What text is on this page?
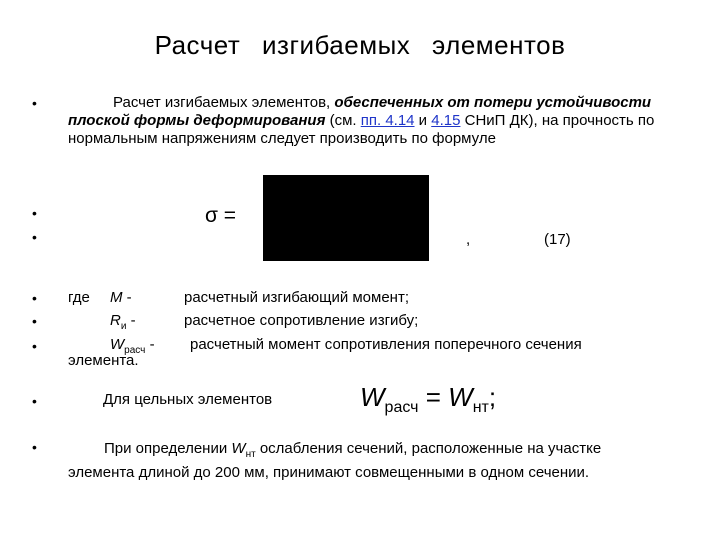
Расчет изгибаемых элементов
•
•
•
•
•
•
•
•
Расчет изгибаемых элементов, обеспеченных от потери устойчивости плоской формы деформирования (см. пп. 4.14 и 4.15 СНиП ДК), на прочность по нормальным напряжениям следует производить по формуле
σ =
,	(17)
где M -	расчетный изгибающий момент;
$R_и$ -	расчетное сопротивление изгибу;
$W_{расч}$ - расчетный момент сопротивления поперечного сечения
элемента.
Для цельных элементов	$W_{расч} = W_{нт}$;
При определении $W_{нт}$ ослабления сечений, расположенные на участке элемента длиной до 200 мм, принимают совмещенными в одном сечении.
